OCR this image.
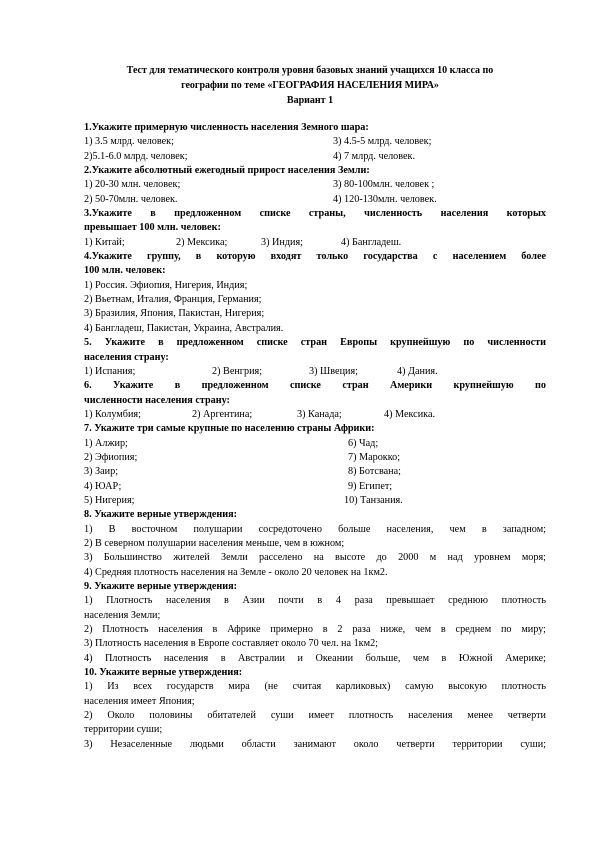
Тест для тематического контроля уровня базовых знаний учащихся 10 класса по
географии по теме «ГЕОГРАФИЯ НАСЕЛЕНИЯ МИРА»
Вариант 1
1.Укажите примерную численность населения Земного шара:
1) 3.5 млрд. человек;	3) 4.5-5 млрд. человек;
2)5.1-6.0 млрд. человек;	4) 7 млрд. человек.
2.Укажите абсолютный ежегодный прирост населения Земли:
1) 20-30 млн. человек;	3) 80-100млн. человек ;
2) 50-70млн. человек.	4) 120-130млн. человек.
3.Укажите в предложенном списке страны, численность населения которых
превышает 100 млн. человек:
1) Китай;	2) Мексика;	3) Индия;	4) Бангладеш.
4.Укажите группу, в которую входят только государства с населением более
100 млн. человек:
1) Россия. Эфиопия, Нигерия, Индия;
2) Вьетнам, Италия, Франция, Германия;
3) Бразилия, Япония, Пакистан, Нигерия;
4) Бангладеш, Пакистан, Украина, Австралия.
5. Укажите в предложенном списке стран Европы крупнейшую по численности
населения страну:
1) Испания;	2) Венгрия;	3) Швеция;	4) Дания.
6. Укажите в предложенном списке стран Америки крупнейшую по
численности населения страну:
1) Колумбия;	2) Аргентина;	3) Канада;	4) Мексика.
7. Укажите три самые крупные по населению страны Африки:
1) Алжир;	6) Чад;
2) Эфиопия;	7) Марокко;
3) Заир;	8) Ботсвана;
4) ЮАР;	9) Египет;
5) Нигерия;	10) Танзания.
8. Укажите верные утверждения:
1) В восточном полушарии сосредоточено больше населения, чем в западном;
2) В северном полушарии населения меньше, чем в южном;
3) Большинство жителей Земли расселено на высоте до 2000 м над уровнем моря;
4) Средняя плотность населения на Земле - около 20 человек на 1км2.
9. Укажите верные утверждения:
1) Плотность населения в Азии почти в 4 раза превышает среднюю плотность
населения Земли;
2) Плотность населения в Африке примерно в 2 раза ниже, чем в среднем по миру;
3) Плотность населения в Европе составляет около 70 чел. на 1км2;
4) Плотность населения в Австралии и Океании больше, чем в Южной Америке;
10. Укажите верные утверждения:
1) Из всех государств мира (не считая карликовых) самую высокую плотность
населения имеет Япония;
2) Около половины обитателей суши имеет плотность населения менее четверти
территории суши;
3) Незаселенные людьми области занимают около четверти территории суши;
